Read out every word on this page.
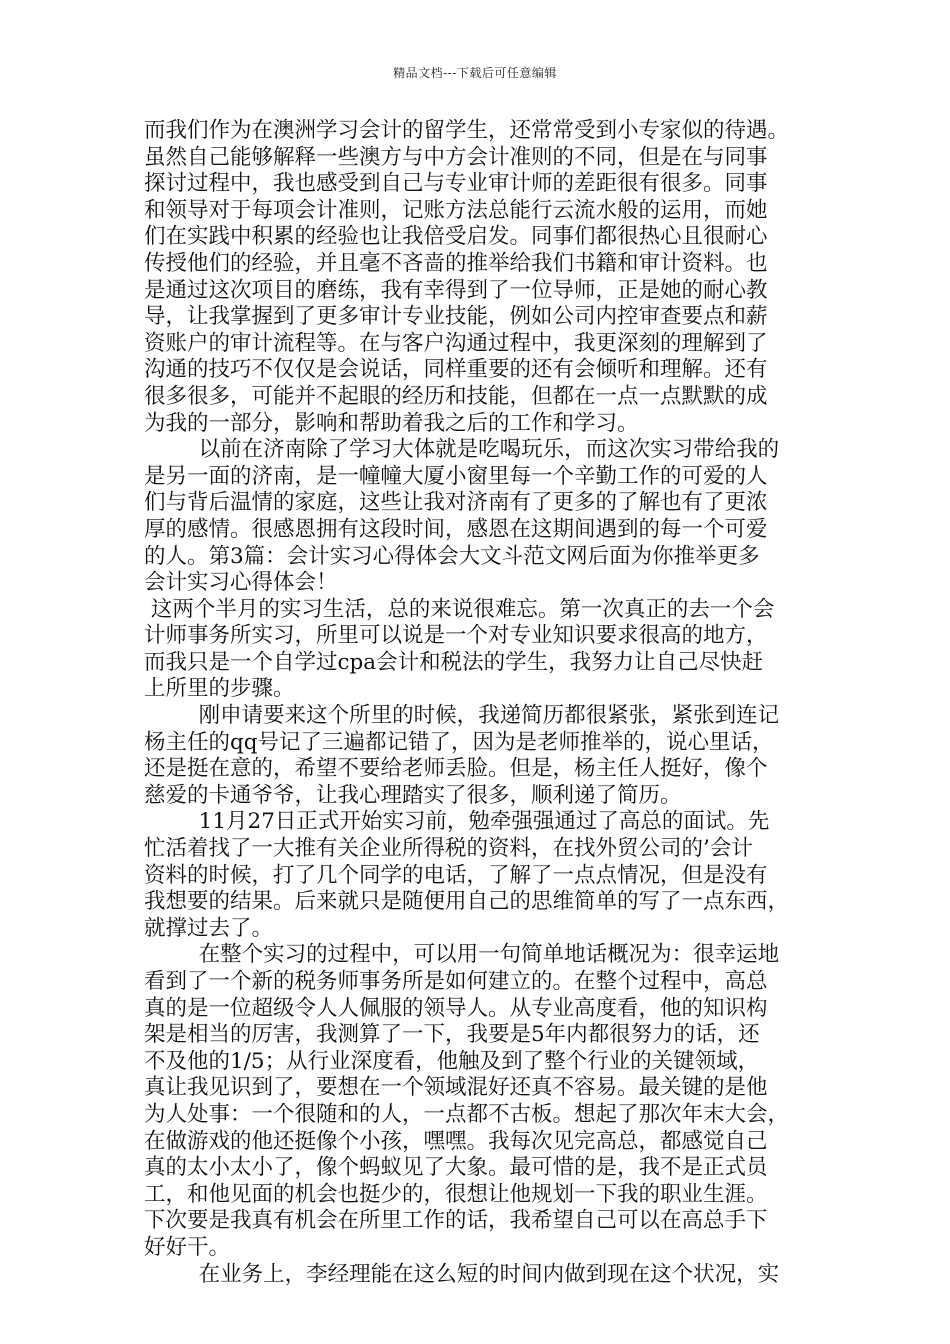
精品文档---下载后可任意编辑
而我们作为在澳洲学习会计的留学生，还常常受到小专家似的待遇。
虽然自己能够解释一些澳方与中方会计准则的不同，但是在与同事
探讨过程中，我也感受到自己与专业审计师的差距很有很多。同事
和领导对于每项会计准则，记账方法总能行云流水般的运用，而她
们在实践中积累的经验也让我倍受启发。同事们都很热心且很耐心
传授他们的经验，并且毫不吝啬的推举给我们书籍和审计资料。也
是通过这次项目的磨练，我有幸得到了一位导师，正是她的耐心教
导，让我掌握到了更多审计专业技能，例如公司内控审查要点和薪
资账户的审计流程等。在与客户沟通过程中，我更深刻的理解到了
沟通的技巧不仅仅是会说话，同样重要的还有会倾听和理解。还有
很多很多，可能并不起眼的经历和技能，但都在一点一点默默的成
为我的一部分，影响和帮助着我之后的工作和学习。
以前在济南除了学习大体就是吃喝玩乐，而这次实习带给我的
是另一面的济南，是一幢幢大厦小窗里每一个辛勤工作的可爱的人
们与背后温情的家庭，这些让我对济南有了更多的了解也有了更浓
厚的感情。很感恩拥有这段时间，感恩在这期间遇到的每一个可爱
的人。第3篇：会计实习心得体会大文斗范文网后面为你推举更多
会计实习心得体会！
这两个半月的实习生活，总的来说很难忘。第一次真正的去一个会
计师事务所实习，所里可以说是一个对专业知识要求很高的地方，
而我只是一个自学过cpa会计和税法的学生，我努力让自己尽快赶
上所里的步骤。
刚申请要来这个所里的时候，我递简历都很紧张，紧张到连记
杨主任的qq号记了三遍都记错了，因为是老师推举的，说心里话，
还是挺在意的，希望不要给老师丢脸。但是，杨主任人挺好，像个
慈爱的卡通爷爷，让我心理踏实了很多，顺利递了简历。
11月27日正式开始实习前，勉牵强强通过了高总的面试。先
忙活着找了一大推有关企业所得税的资料，在找外贸公司的’会计
资料的时候，打了几个同学的电话，了解了一点点情况，但是没有
我想要的结果。后来就只是随便用自己的思维简单的写了一点东西，
就撑过去了。
在整个实习的过程中，可以用一句简单地话概况为：很幸运地
看到了一个新的税务师事务所是如何建立的。在整个过程中，高总
真的是一位超级令人人佩服的领导人。从专业高度看，他的知识构
架是相当的厉害，我测算了一下，我要是5年内都很努力的话，还
不及他的1/5；从行业深度看，他触及到了整个行业的关键领域，
真让我见识到了，要想在一个领域混好还真不容易。最关键的是他
为人处事：一个很随和的人，一点都不古板。想起了那次年末大会，
在做游戏的他还挺像个小孩，嘿嘿。我每次见完高总，都感觉自己
真的太小太小了，像个蚂蚁见了大象。最可惜的是，我不是正式员
工，和他见面的机会也挺少的，很想让他规划一下我的职业生涯。
下次要是我真有机会在所里工作的话，我希望自己可以在高总手下
好好干。
在业务上，李经理能在这么短的时间内做到现在这个状况，实
